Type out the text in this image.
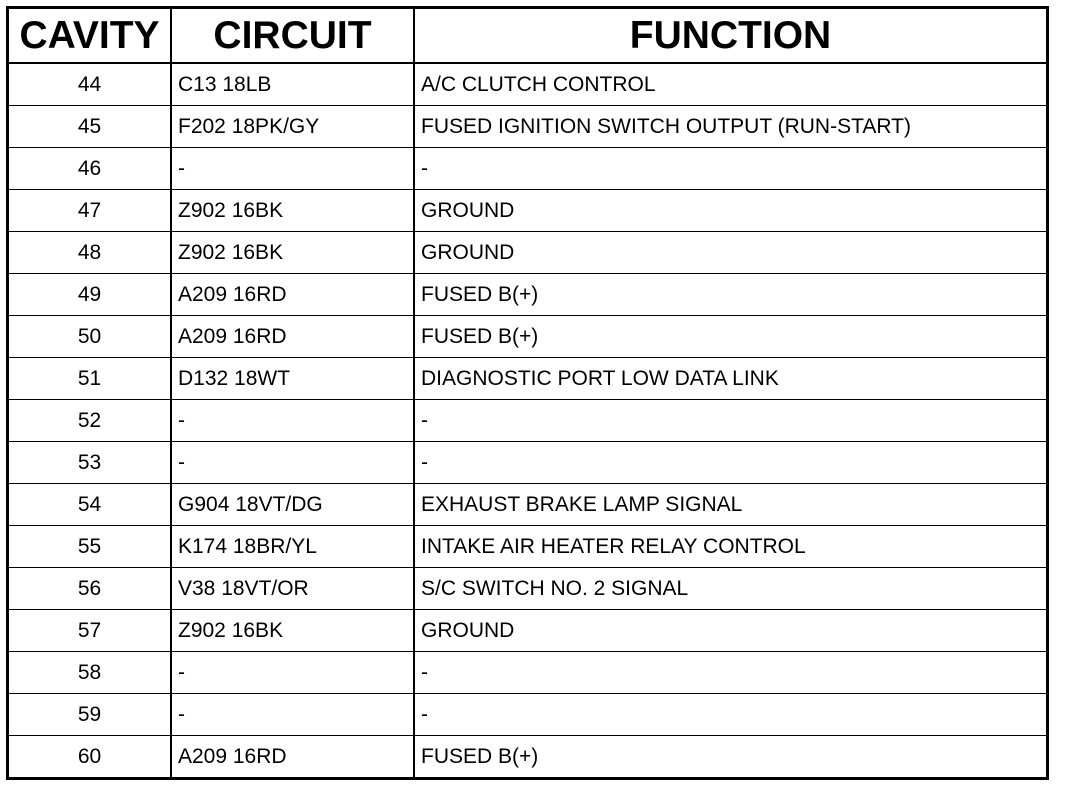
CAVITY	CIRCUIT	FUNCTION
44	C13 18LB	A/C CLUTCH CONTROL
45	F202 18PK/GY	FUSED IGNITION SWITCH OUTPUT (RUN-START)
46	-	-
47	Z902 16BK	GROUND
48	Z902 16BK	GROUND
49	A209 16RD	FUSED B(+)
50	A209 16RD	FUSED B(+)
51	D132 18WT	DIAGNOSTIC PORT LOW DATA LINK
52	-	-
53	-	-
54	G904 18VT/DG	EXHAUST BRAKE LAMP SIGNAL
55	K174 18BR/YL	INTAKE AIR HEATER RELAY CONTROL
56	V38 18VT/OR	S/C SWITCH NO. 2 SIGNAL
57	Z902 16BK	GROUND
58	-	-
59	-	-
60	A209 16RD	FUSED B(+)
